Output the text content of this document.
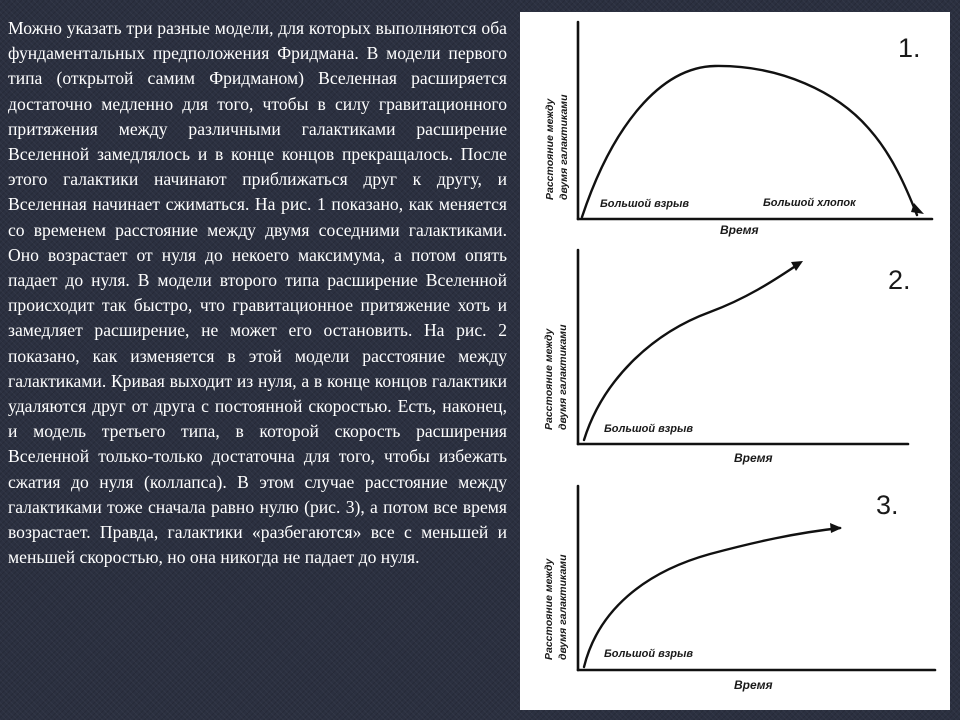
Можно указать три разные модели, для которых выполняются оба фундаментальных предположения Фридмана. В модели первого типа (открытой самим Фридманом) Вселенная расширяется достаточно медленно для того, чтобы в силу гравитационного притяжения между различными галактиками расширение Вселенной замедлялось и в конце концов прекращалось. После этого галактики начинают приближаться друг к другу, и Вселенная начинает сжиматься. На рис. 1 показано, как меняется со временем расстояние между двумя соседними галактиками. Оно возрастает от нуля до некоего максимума, а потом опять падает до нуля. В модели второго типа расширение Вселенной происходит так быстро, что гравитационное притяжение хоть и замедляет расширение, не может его остановить. На рис. 2 показано, как изменяется в этой модели расстояние между галактиками. Кривая выходит из нуля, а в конце концов галактики удаляются друг от друга с постоянной скоростью. Есть, наконец, и модель третьего типа, в которой скорость расширения Вселенной только-только достаточна для того, чтобы избежать сжатия до нуля (коллапса). В этом случае расстояние между галактиками тоже сначала равно нулю (рис. 3), а потом все время возрастает. Правда, галактики «разбегаются» все с меньшей и меньшей скоростью, но она никогда не падает до нуля.

1.
Расстояние между двумя галактиками
Большой взрыв	Большой хлопок
Время
2.
Расстояние между двумя галактиками	Большой взрыв
Время
3.
Расстояние между двумя галактиками	Большой взрыв
Время
